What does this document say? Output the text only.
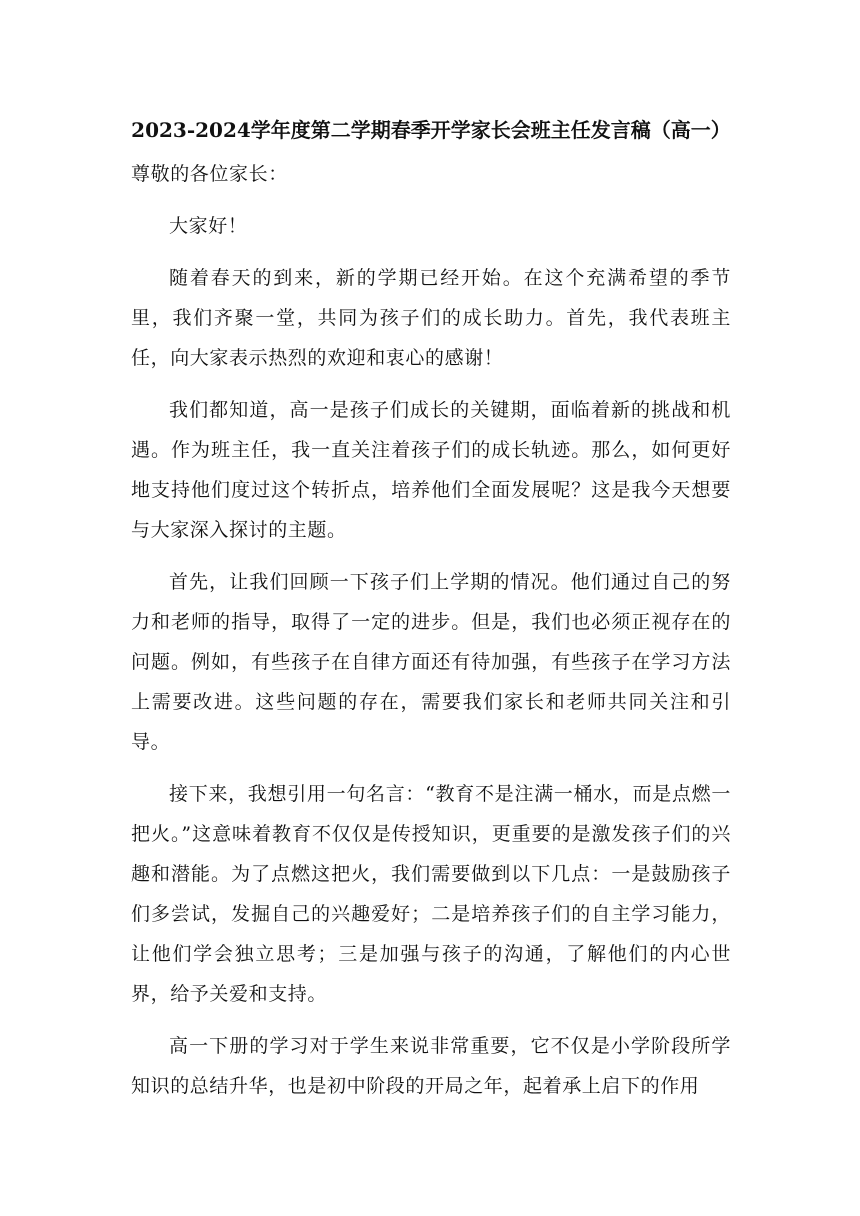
2023-2024学年度第二学期春季开学家长会班主任发言稿（高一）

尊敬的各位家长：

大家好！

随着春天的到来，新的学期已经开始。在这个充满希望的季节里，我们齐聚一堂，共同为孩子们的成长助力。首先，我代表班主任，向大家表示热烈的欢迎和衷心的感谢！

我们都知道，高一是孩子们成长的关键期，面临着新的挑战和机遇。作为班主任，我一直关注着孩子们的成长轨迹。那么，如何更好地支持他们度过这个转折点，培养他们全面发展呢？这是我今天想要与大家深入探讨的主题。

首先，让我们回顾一下孩子们上学期的情况。他们通过自己的努力和老师的指导，取得了一定的进步。但是，我们也必须正视存在的问题。例如，有些孩子在自律方面还有待加强，有些孩子在学习方法上需要改进。这些问题的存在，需要我们家长和老师共同关注和引导。

接下来，我想引用一句名言：“教育不是注满一桶水，而是点燃一把火。”这意味着教育不仅仅是传授知识，更重要的是激发孩子们的兴趣和潜能。为了点燃这把火，我们需要做到以下几点：一是鼓励孩子们多尝试，发掘自己的兴趣爱好；二是培养孩子们的自主学习能力，让他们学会独立思考；三是加强与孩子的沟通，了解他们的内心世界，给予关爱和支持。

高一下册的学习对于学生来说非常重要，它不仅是小学阶段所学知识的总结升华，也是初中阶段的开局之年，起着承上启下的作用
